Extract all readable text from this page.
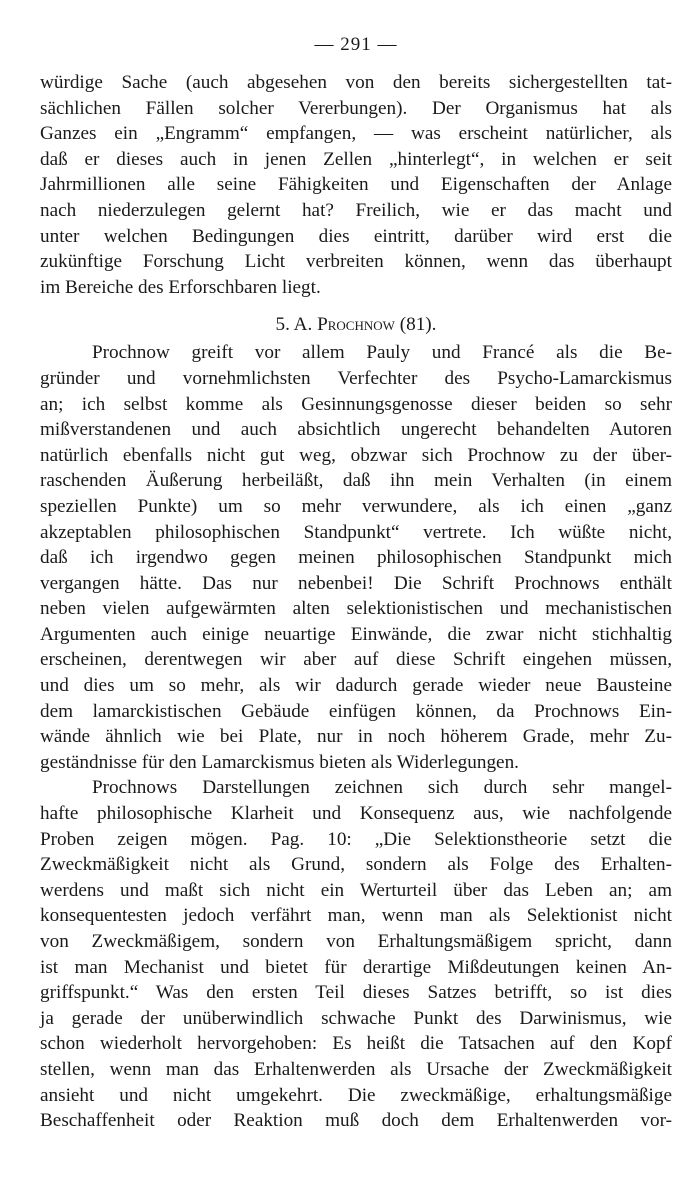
— 291 —
würdige Sache (auch abgesehen von den bereits sichergestellten tat-
sächlichen Fällen solcher Vererbungen). Der Organismus hat als
Ganzes ein „Engramm“ empfangen, — was erscheint natürlicher, als
daß er dieses auch in jenen Zellen „hinterlegt“, in welchen er seit
Jahrmillionen alle seine Fähigkeiten und Eigenschaften der Anlage
nach niederzulegen gelernt hat? Freilich, wie er das macht und
unter welchen Bedingungen dies eintritt, darüber wird erst die
zukünftige Forschung Licht verbreiten können, wenn das überhaupt
im Bereiche des Erforschbaren liegt.
5. A. Prochnow (81).
Prochnow greift vor allem Pauly und Francé als die Be-
gründer und vornehmlichsten Verfechter des Psycho-Lamarckismus
an; ich selbst komme als Gesinnungsgenosse dieser beiden so sehr
mißverstandenen und auch absichtlich ungerecht behandelten Autoren
natürlich ebenfalls nicht gut weg, obzwar sich Prochnow zu der über-
raschenden Äußerung herbeiläßt, daß ihn mein Verhalten (in einem
speziellen Punkte) um so mehr verwundere, als ich einen „ganz
akzeptablen philosophischen Standpunkt“ vertrete. Ich wüßte nicht,
daß ich irgendwo gegen meinen philosophischen Standpunkt mich
vergangen hätte. Das nur nebenbei! Die Schrift Prochnows enthält
neben vielen aufgewärmten alten selektionistischen und mechanistischen
Argumenten auch einige neuartige Einwände, die zwar nicht stichhaltig
erscheinen, derentwegen wir aber auf diese Schrift eingehen müssen,
und dies um so mehr, als wir dadurch gerade wieder neue Bausteine
dem lamarckistischen Gebäude einfügen können, da Prochnows Ein-
wände ähnlich wie bei Plate, nur in noch höherem Grade, mehr Zu-
geständnisse für den Lamarckismus bieten als Widerlegungen.
Prochnows Darstellungen zeichnen sich durch sehr mangel-
hafte philosophische Klarheit und Konsequenz aus, wie nachfolgende
Proben zeigen mögen. Pag. 10: „Die Selektionstheorie setzt die
Zweckmäßigkeit nicht als Grund, sondern als Folge des Erhalten-
werdens und maßt sich nicht ein Werturteil über das Leben an; am
konsequentesten jedoch verfährt man, wenn man als Selektionist nicht
von Zweckmäßigem, sondern von Erhaltungsmäßigem spricht, dann
ist man Mechanist und bietet für derartige Mißdeutungen keinen An-
griffspunkt.“ Was den ersten Teil dieses Satzes betrifft, so ist dies
ja gerade der unüberwindlich schwache Punkt des Darwinismus, wie
schon wiederholt hervorgehoben: Es heißt die Tatsachen auf den Kopf
stellen, wenn man das Erhaltenwerden als Ursache der Zweckmäßigkeit
ansieht und nicht umgekehrt. Die zweckmäßige, erhaltungsmäßige
Beschaffenheit oder Reaktion muß doch dem Erhaltenwerden vor-
